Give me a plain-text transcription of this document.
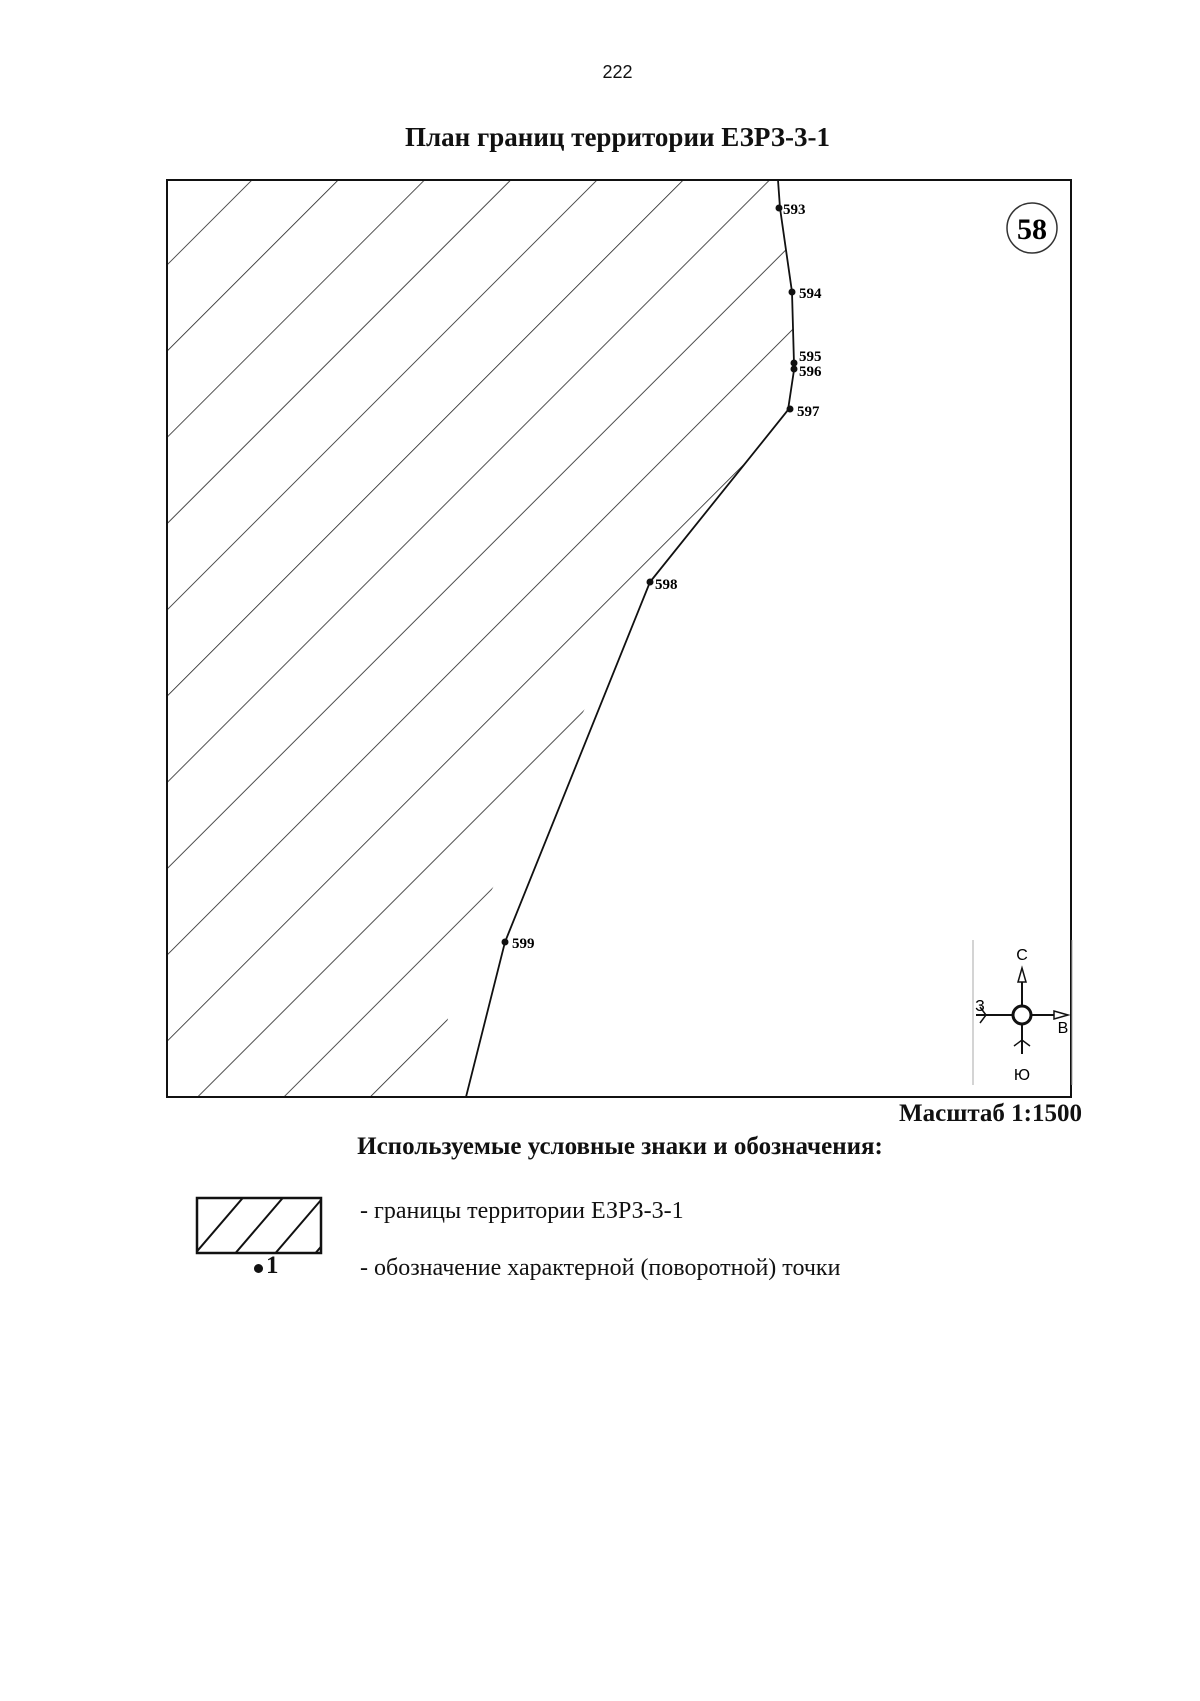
222
План границ территории ЕЗРЗ-3-1
58
593
594
595
596
597
598
599
С
Ю
З
В
Масштаб 1:1500
Используемые условные знаки и обозначения:
- границы территории ЕЗРЗ-3-1
1	- обозначение характерной (поворотной) точки
